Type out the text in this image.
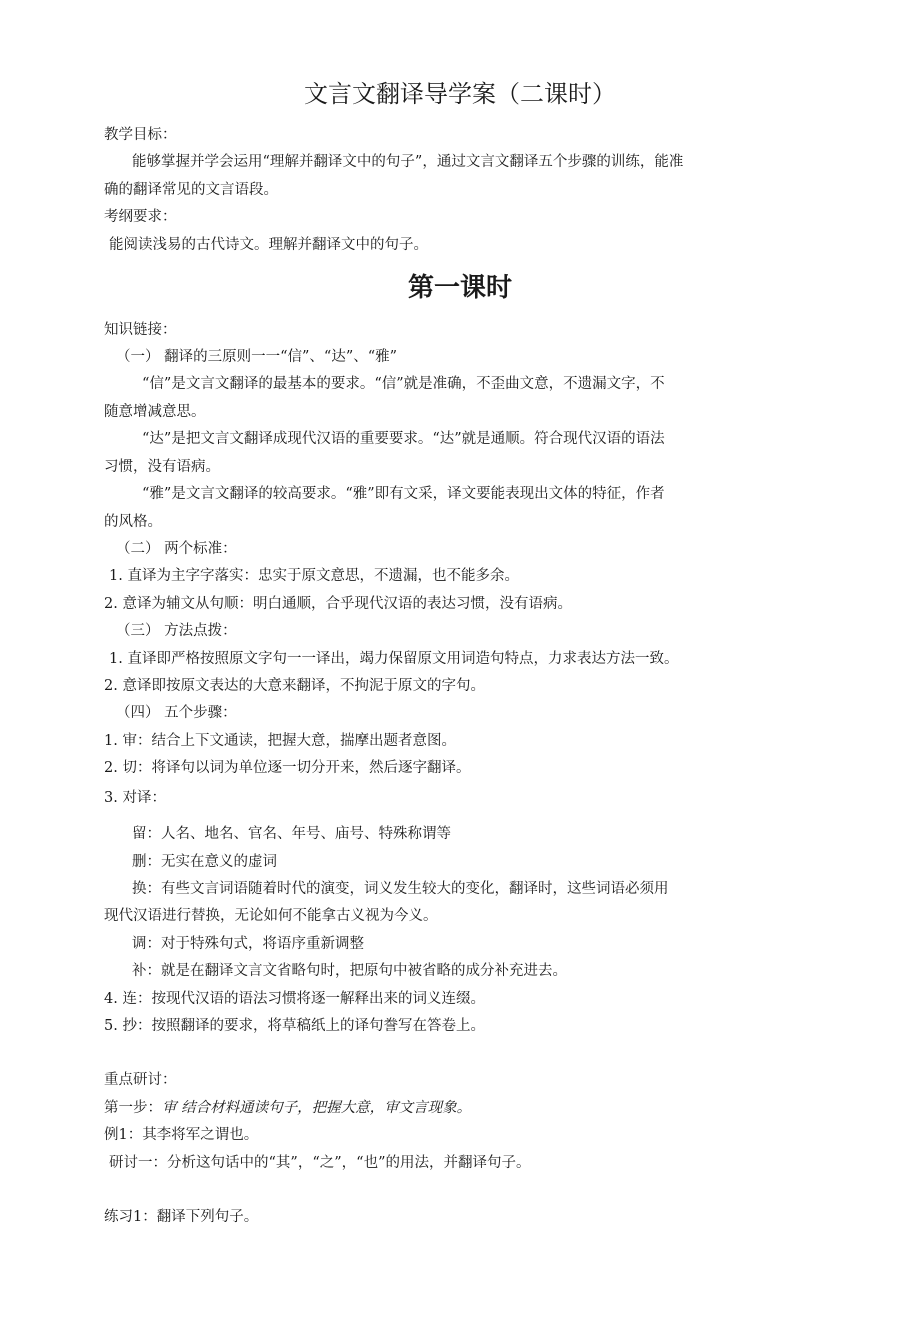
文言文翻译导学案（二课时）
教学目标：
能够掌握并学会运用“理解并翻译文中的句子”，通过文言文翻译五个步骤的训练，能准
确的翻译常见的文言语段。
考纲要求：
能阅读浅易的古代诗文。理解并翻译文中的句子。
第一课时
知识链接：
（一） 翻译的三原则一一“信”、“达”、“雅”
“信”是文言文翻译的最基本的要求。“信”就是准确，不歪曲文意，不遗漏文字，不
随意增减意思。
“达”是把文言文翻译成现代汉语的重要要求。“达”就是通顺。符合现代汉语的语法
习惯，没有语病。
“雅”是文言文翻译的较高要求。“雅”即有文采，译文要能表现出文体的特征，作者
的风格。
（二） 两个标准：
1. 直译为主字字落实：忠实于原文意思，不遗漏，也不能多余。
2. 意译为辅文从句顺：明白通顺，合乎现代汉语的表达习惯，没有语病。
（三） 方法点拨：
1. 直译即严格按照原文字句一一译出，竭力保留原文用词造句特点，力求表达方法一致。
2. 意译即按原文表达的大意来翻译，不拘泥于原文的字句。
（四） 五个步骤：
1. 审：结合上下文通读，把握大意，揣摩出题者意图。
2. 切：将译句以词为单位逐一切分开来，然后逐字翻译。
3. 对译：
留：人名、地名、官名、年号、庙号、特殊称谓等
删：无实在意义的虚词
换：有些文言词语随着时代的演变，词义发生较大的变化，翻译时，这些词语必须用
现代汉语进行替换，无论如何不能拿古义视为今义。
调：对于特殊句式，将语序重新调整
补：就是在翻译文言文省略句时，把原句中被省略的成分补充进去。
4. 连：按现代汉语的语法习惯将逐一解释出来的词义连缀。
5. 抄：按照翻译的要求，将草稿纸上的译句誊写在答卷上。
重点研讨：
第一步：审 结合材料通读句子，把握大意，审文言现象。
例1：其李将军之谓也。
研讨一：分析这句话中的“其”，“之”，“也”的用法，并翻译句子。
练习1：翻译下列句子。
